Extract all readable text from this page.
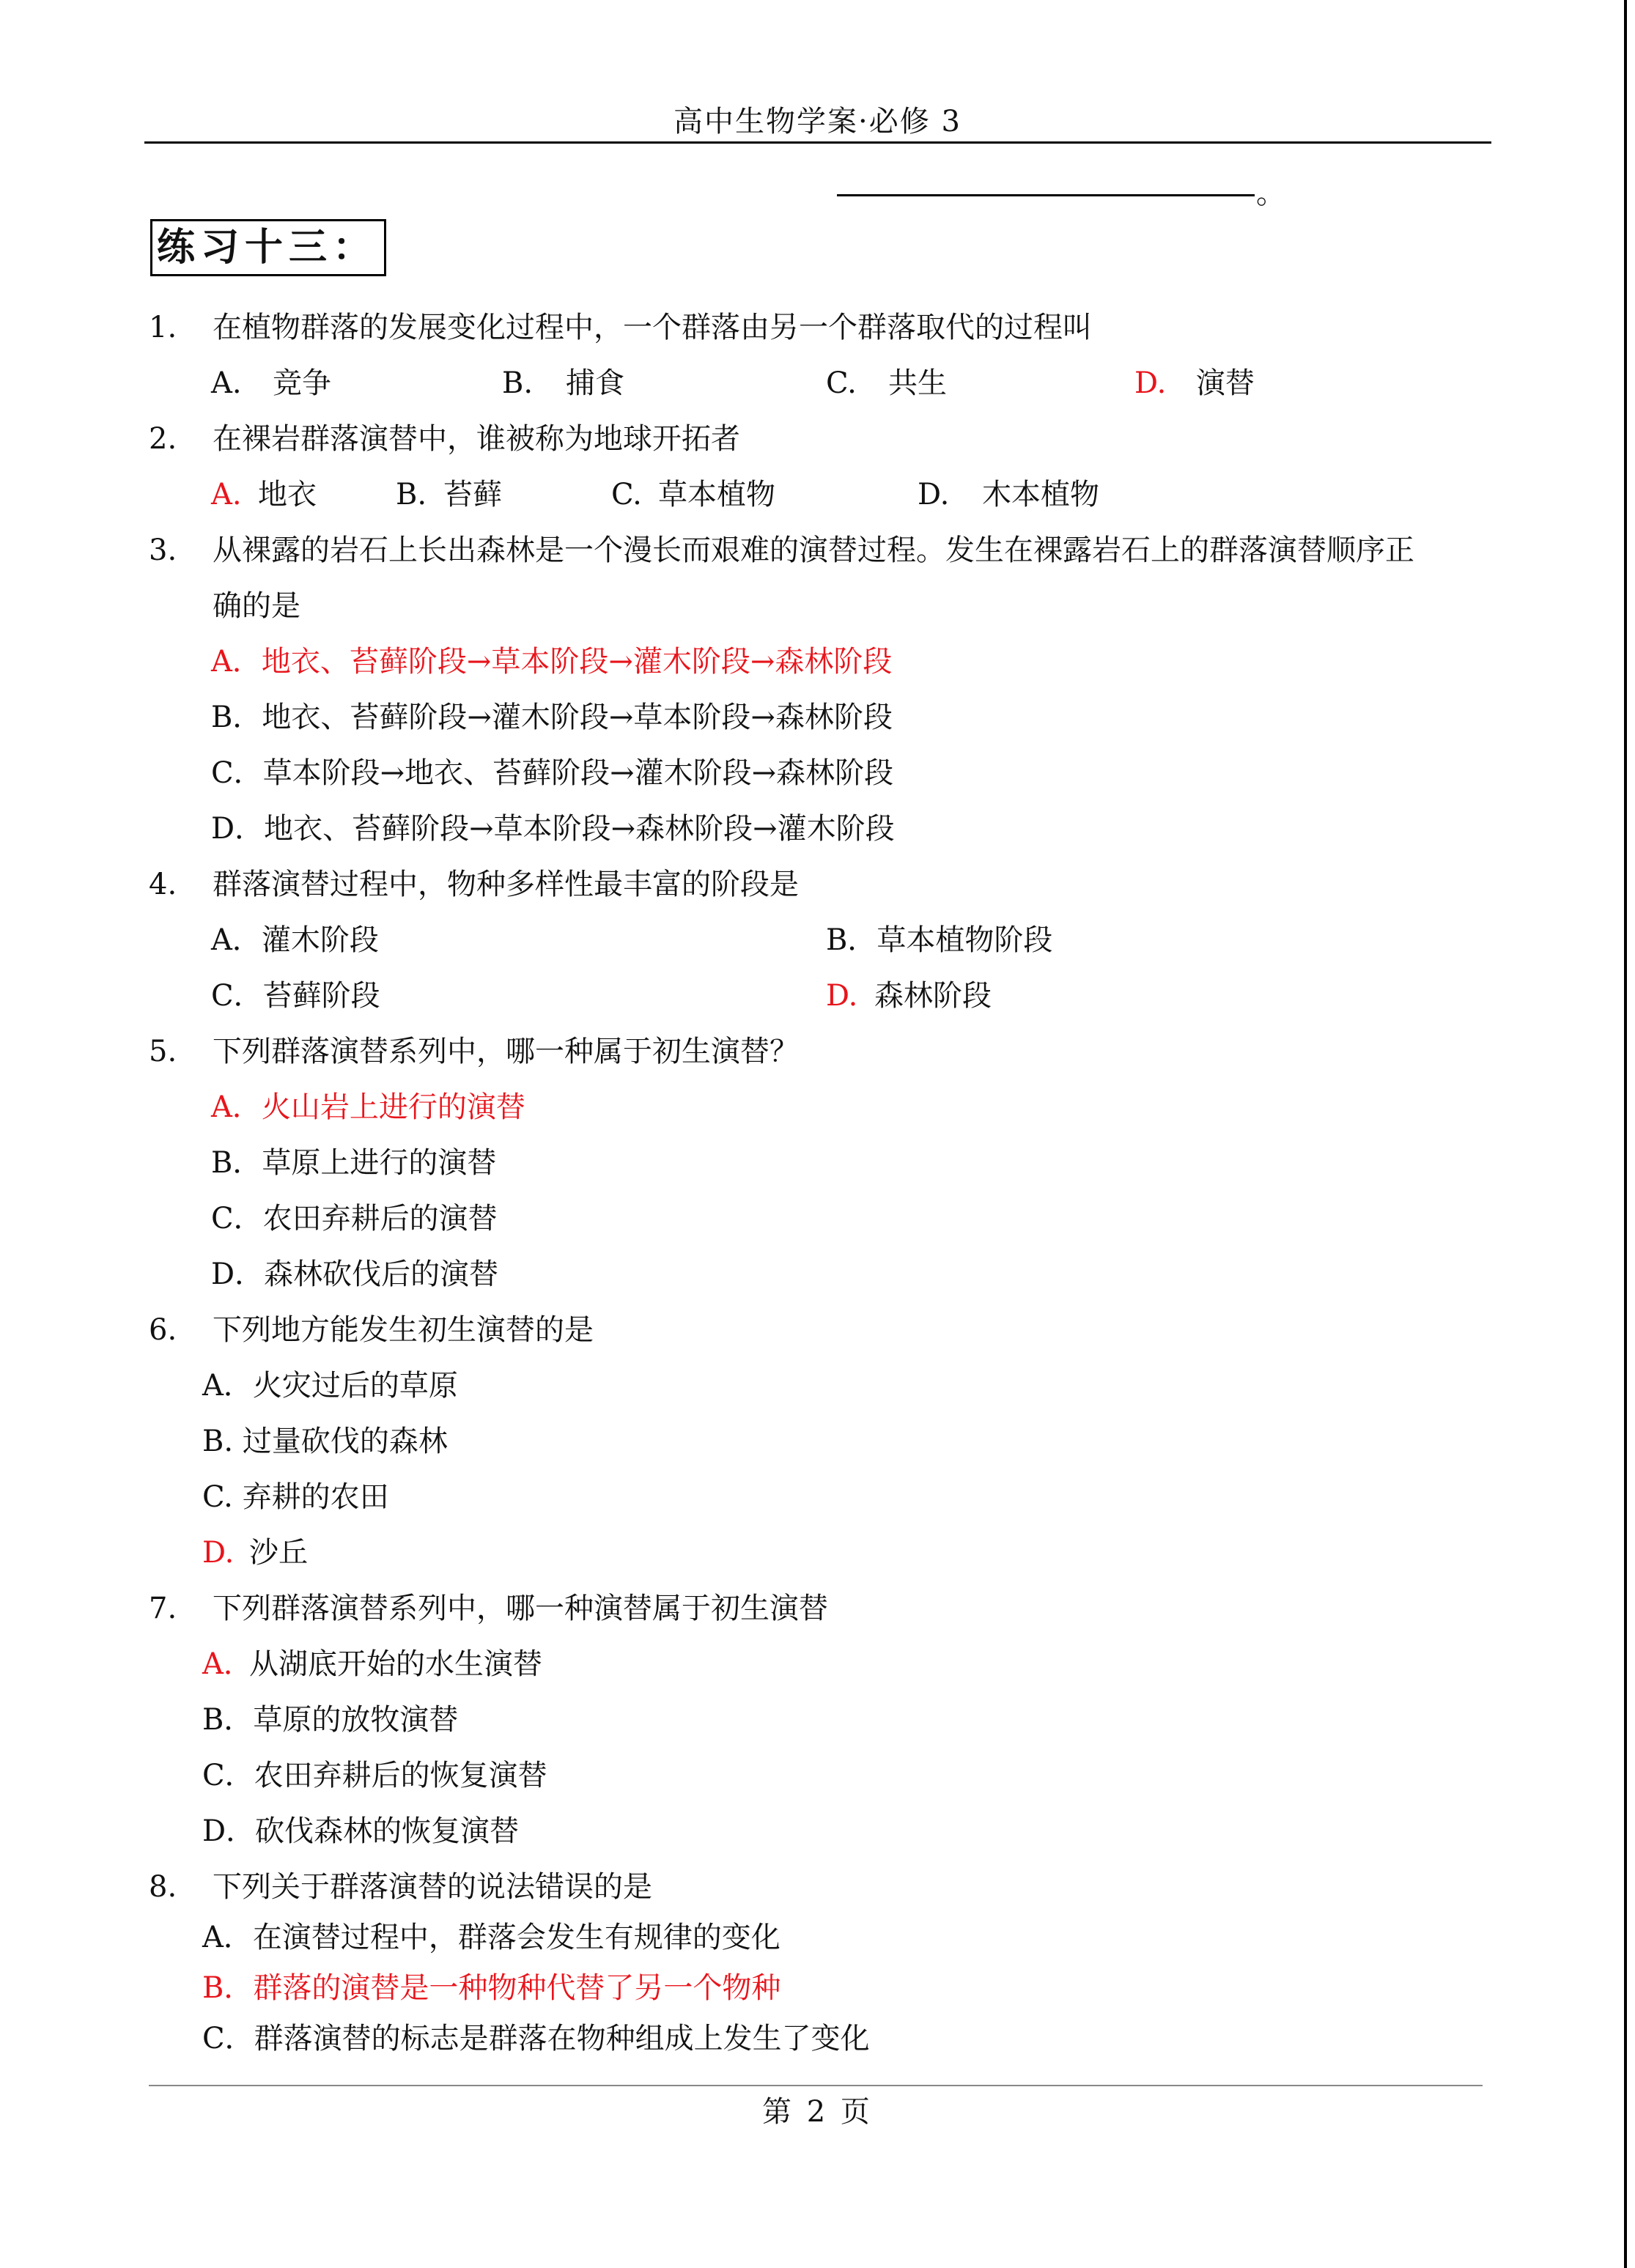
高中生物学案·必修 3
。
练习十三：
1.	在植物群落的发展变化过程中，一个群落由另一个群落取代的过程叫
A. 竞争	B. 捕食	C. 共生	D. 演替
2.	在裸岩群落演替中，谁被称为地球开拓者
A. 地衣	B. 苔藓	C. 草本植物	D. 木本植物
3.	从裸露的岩石上长出森林是一个漫长而艰难的演替过程。发生在裸露岩石上的群落演替顺序正
确的是
A．地衣、苔藓阶段→草本阶段→灌木阶段→森林阶段
B．地衣、苔藓阶段→灌木阶段→草本阶段→森林阶段
C．草本阶段→地衣、苔藓阶段→灌木阶段→森林阶段
D．地衣、苔藓阶段→草本阶段→森林阶段→灌木阶段
4.	群落演替过程中，物种多样性最丰富的阶段是
A．灌木阶段	B．草本植物阶段
C．苔藓阶段	D. 森林阶段
5.	下列群落演替系列中，哪一种属于初生演替？
A．火山岩上进行的演替
B．草原上进行的演替
C．农田弃耕后的演替
D．森林砍伐后的演替
6.	下列地方能发生初生演替的是
A．火灾过后的草原
B. 过量砍伐的森林
C. 弃耕的农田
D. 沙丘
7.	下列群落演替系列中，哪一种演替属于初生演替
A．
从湖底开始的水生演替
B．草原的放牧演替
C．农田弃耕后的恢复演替
D．砍伐森林的恢复演替
8.	下列关于群落演替的说法错误的是
A．在演替过程中，群落会发生有规律的变化
B．群落的演替是一种物种代替了另一个物种
C．群落演替的标志是群落在物种组成上发生了变化
第 2 页
